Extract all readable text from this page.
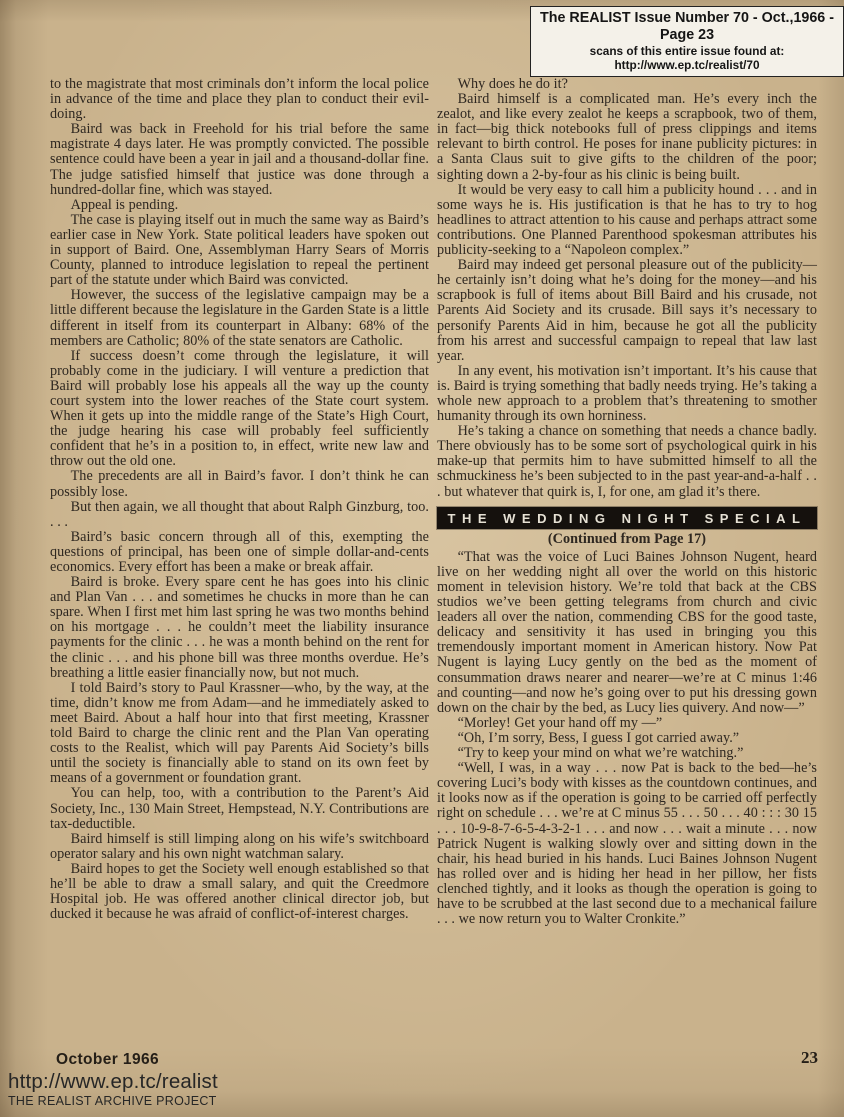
The REALIST Issue Number 70 - Oct.,1966 - Page 23
scans of this entire issue found at: http://www.ep.tc/realist/70

to the magistrate that most criminals don’t inform the local police in advance of the time and place they plan to conduct their evil-doing.

Baird was back in Freehold for his trial before the same magistrate 4 days later. He was promptly convicted. The possible sentence could have been a year in jail and a thousand-dollar fine. The judge satisfied himself that justice was done through a hundred-dollar fine, which was stayed.

Appeal is pending.

The case is playing itself out in much the same way as Baird’s earlier case in New York. State political leaders have spoken out in support of Baird. One, Assemblyman Harry Sears of Morris County, planned to introduce legislation to repeal the pertinent part of the statute under which Baird was convicted.

However, the success of the legislative campaign may be a little different because the legislature in the Garden State is a little different in itself from its counterpart in Albany: 68% of the members are Catholic; 80% of the state senators are Catholic.

If success doesn’t come through the legislature, it will probably come in the judiciary. I will venture a prediction that Baird will probably lose his appeals all the way up the county court system into the lower reaches of the State court system. When it gets up into the middle range of the State’s High Court, the judge hearing his case will probably feel sufficiently confident that he’s in a position to, in effect, write new law and throw out the old one.

The precedents are all in Baird’s favor. I don’t think he can possibly lose.

But then again, we all thought that about Ralph Ginzburg, too. . . .

Baird’s basic concern through all of this, exempting the questions of principal, has been one of simple dollar-and-cents economics. Every effort has been a make or break affair.

Baird is broke. Every spare cent he has goes into his clinic and Plan Van . . . and sometimes he chucks in more than he can spare. When I first met him last spring he was two months behind on his mortgage . . . he couldn’t meet the liability insurance payments for the clinic . . . he was a month behind on the rent for the clinic . . . and his phone bill was three months overdue. He’s breathing a little easier financially now, but not much.

I told Baird’s story to Paul Krassner—who, by the way, at the time, didn’t know me from Adam—and he immediately asked to meet Baird. About a half hour into that first meeting, Krassner told Baird to charge the clinic rent and the Plan Van operating costs to the Realist, which will pay Parents Aid Society’s bills until the society is financially able to stand on its own feet by means of a government or foundation grant.

You can help, too, with a contribution to the Parent’s Aid Society, Inc., 130 Main Street, Hempstead, N.Y. Contributions are tax-deductible.

Baird himself is still limping along on his wife’s switchboard operator salary and his own night watchman salary.

Baird hopes to get the Society well enough established so that he’ll be able to draw a small salary, and quit the Creedmore Hospital job. He was offered another clinical director job, but ducked it because he was afraid of conflict-of-interest charges.

Why does he do it?

Baird himself is a complicated man. He’s every inch the zealot, and like every zealot he keeps a scrapbook, two of them, in fact—big thick notebooks full of press clippings and items relevant to birth control. He poses for inane publicity pictures: in a Santa Claus suit to give gifts to the children of the poor; sighting down a 2-by-four as his clinic is being built.

It would be very easy to call him a publicity hound . . . and in some ways he is. His justification is that he has to try to hog headlines to attract attention to his cause and perhaps attract some contributions. One Planned Parenthood spokesman attributes his publicity-seeking to a “Napoleon complex.”

Baird may indeed get personal pleasure out of the publicity—he certainly isn’t doing what he’s doing for the money—and his scrapbook is full of items about Bill Baird and his crusade, not Parents Aid Society and its crusade. Bill says it’s necessary to personify Parents Aid in him, because he got all the publicity from his arrest and successful campaign to repeal that law last year.

In any event, his motivation isn’t important. It’s his cause that is. Baird is trying something that badly needs trying. He’s taking a whole new approach to a problem that’s threatening to smother humanity through its own horniness.

He’s taking a chance on something that needs a chance badly. There obviously has to be some sort of psychological quirk in his make-up that permits him to have submitted himself to all the schmuckiness he’s been subjected to in the past year-and-a-half . . . but whatever that quirk is, I, for one, am glad it’s there.

THE WEDDING NIGHT SPECIAL

(Continued from Page 17)

“That was the voice of Luci Baines Johnson Nugent, heard live on her wedding night all over the world on this historic moment in television history. We’re told that back at the CBS studios we’ve been getting telegrams from church and civic leaders all over the nation, commending CBS for the good taste, delicacy and sensitivity it has used in bringing you this tremendously important moment in American history. Now Pat Nugent is laying Lucy gently on the bed as the moment of consummation draws nearer and nearer—we’re at C minus 1:46 and counting—and now he’s going over to put his dressing gown down on the chair by the bed, as Lucy lies quivery. And now—”

“Morley! Get your hand off my —”

“Oh, I’m sorry, Bess, I guess I got carried away.”

“Try to keep your mind on what we’re watching.”

“Well, I was, in a way . . . now Pat is back to the bed—he’s covering Luci’s body with kisses as the countdown continues, and it looks now as if the operation is going to be carried off perfectly right on schedule . . . we’re at C minus 55 . . . 50 . . . 40 : : : 30 15 . . . 10-9-8-7-6-5-4-3-2-1 . . . and now . . . wait a minute . . . now Patrick Nugent is walking slowly over and sitting down in the chair, his head buried in his hands. Luci Baines Johnson Nugent has rolled over and is hiding her head in her pillow, her fists clenched tightly, and it looks as though the operation is going to have to be scrubbed at the last second due to a mechanical failure . . . we now return you to Walter Cronkite.”

October 1966	23
http://www.ep.tc/realist
THE REALIST ARCHIVE PROJECT
